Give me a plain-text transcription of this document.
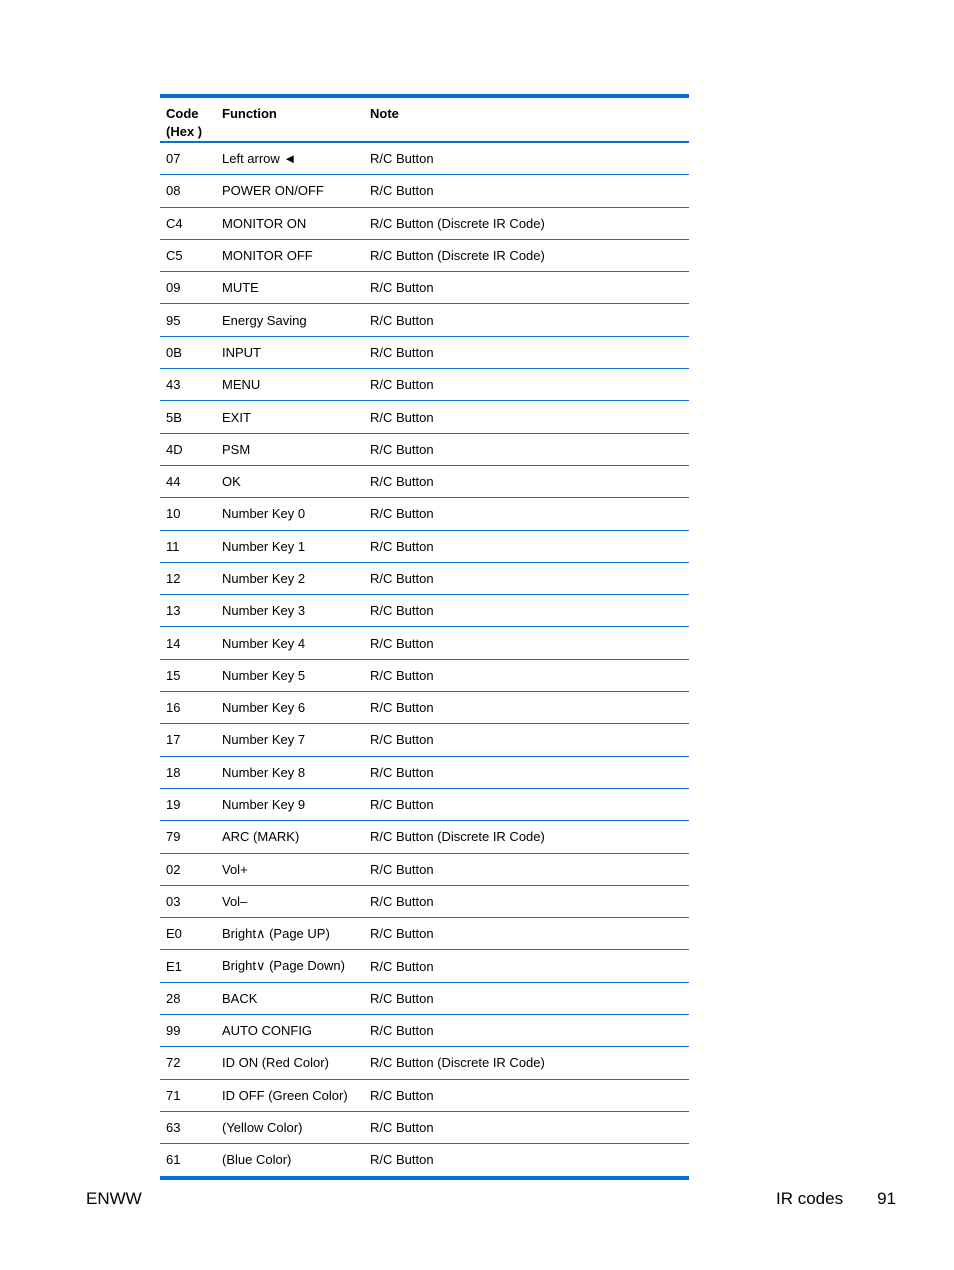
Code (Hex )	Function	Note
07	Left arrow ◄	R/C Button
08	POWER ON/OFF	R/C Button
C4	MONITOR ON	R/C Button (Discrete IR Code)
C5	MONITOR OFF	R/C Button (Discrete IR Code)
09	MUTE	R/C Button
95	Energy Saving	R/C Button
0B	INPUT	R/C Button
43	MENU	R/C Button
5B	EXIT	R/C Button
4D	PSM	R/C Button
44	OK	R/C Button
10	Number Key 0	R/C Button
11	Number Key 1	R/C Button
12	Number Key 2	R/C Button
13	Number Key 3	R/C Button
14	Number Key 4	R/C Button
15	Number Key 5	R/C Button
16	Number Key 6	R/C Button
17	Number Key 7	R/C Button
18	Number Key 8	R/C Button
19	Number Key 9	R/C Button
79	ARC (MARK)	R/C Button (Discrete IR Code)
02	Vol+	R/C Button
03	Vol–	R/C Button
E0	Bright∧ (Page UP)	R/C Button
E1	Bright∨ (Page Down)	R/C Button
28	BACK	R/C Button
99	AUTO CONFIG	R/C Button
72	ID ON (Red Color)	R/C Button (Discrete IR Code)
71	ID OFF (Green Color)	R/C Button
63	(Yellow Color)	R/C Button
61	(Blue Color)	R/C Button
ENWW	IR codes 91
